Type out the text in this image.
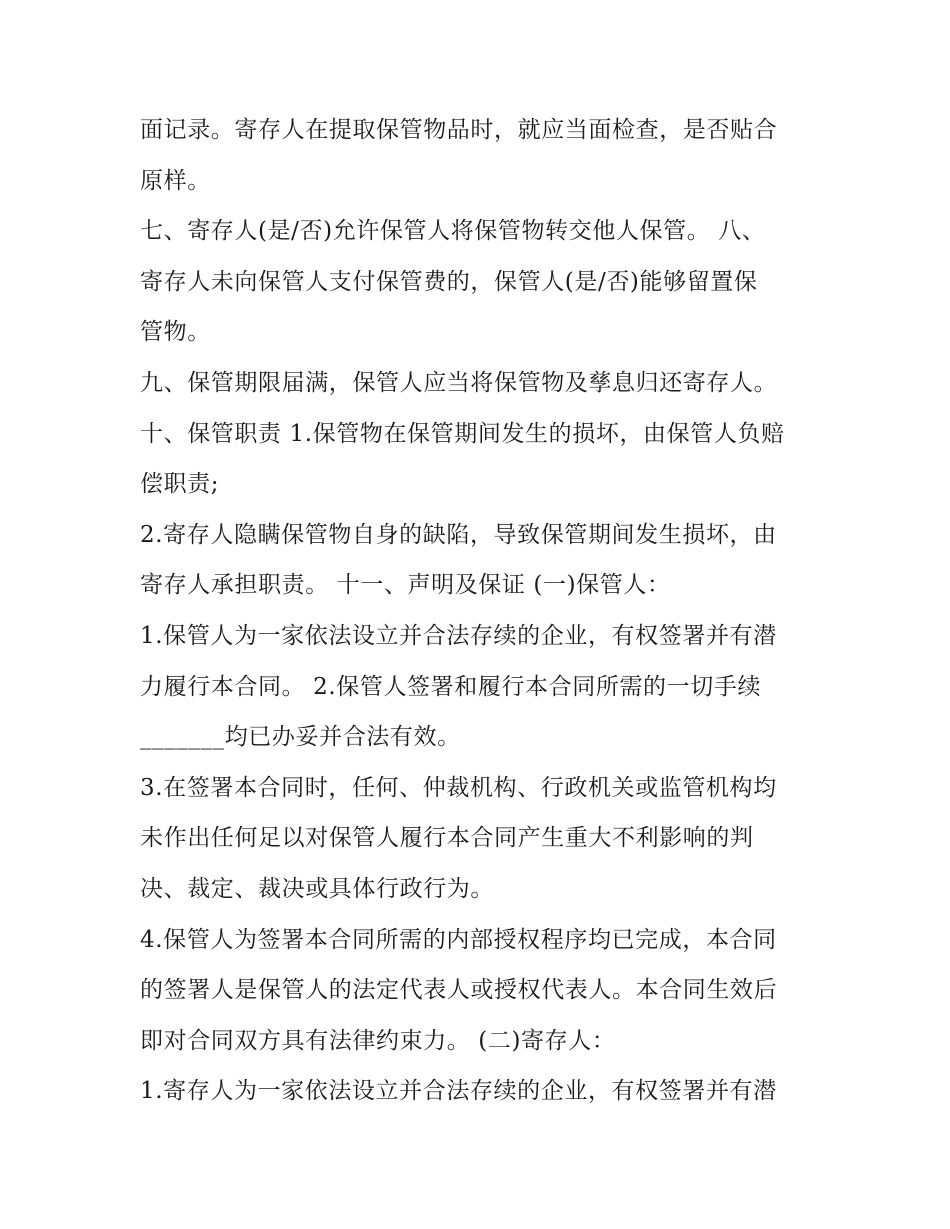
面记录。寄存人在提取保管物品时，就应当面检查，是否贴合
原样。
七、寄存人(是/否)允许保管人将保管物转交他人保管。 八、
寄存人未向保管人支付保管费的，保管人(是/否)能够留置保
管物。
九、保管期限届满，保管人应当将保管物及孳息归还寄存人。
十、保管职责 1.保管物在保管期间发生的损坏，由保管人负赔
偿职责;
2.寄存人隐瞒保管物自身的缺陷，导致保管期间发生损坏，由
寄存人承担职责。 十一、声明及保证 (一)保管人：
1.保管人为一家依法设立并合法存续的企业，有权签署并有潜
力履行本合同。 2.保管人签署和履行本合同所需的一切手续
_______均已办妥并合法有效。
3.在签署本合同时，任何、仲裁机构、行政机关或监管机构均
未作出任何足以对保管人履行本合同产生重大不利影响的判
决、裁定、裁决或具体行政行为。
4.保管人为签署本合同所需的内部授权程序均已完成，本合同
的签署人是保管人的法定代表人或授权代表人。本合同生效后
即对合同双方具有法律约束力。 (二)寄存人：
1.寄存人为一家依法设立并合法存续的企业，有权签署并有潜
